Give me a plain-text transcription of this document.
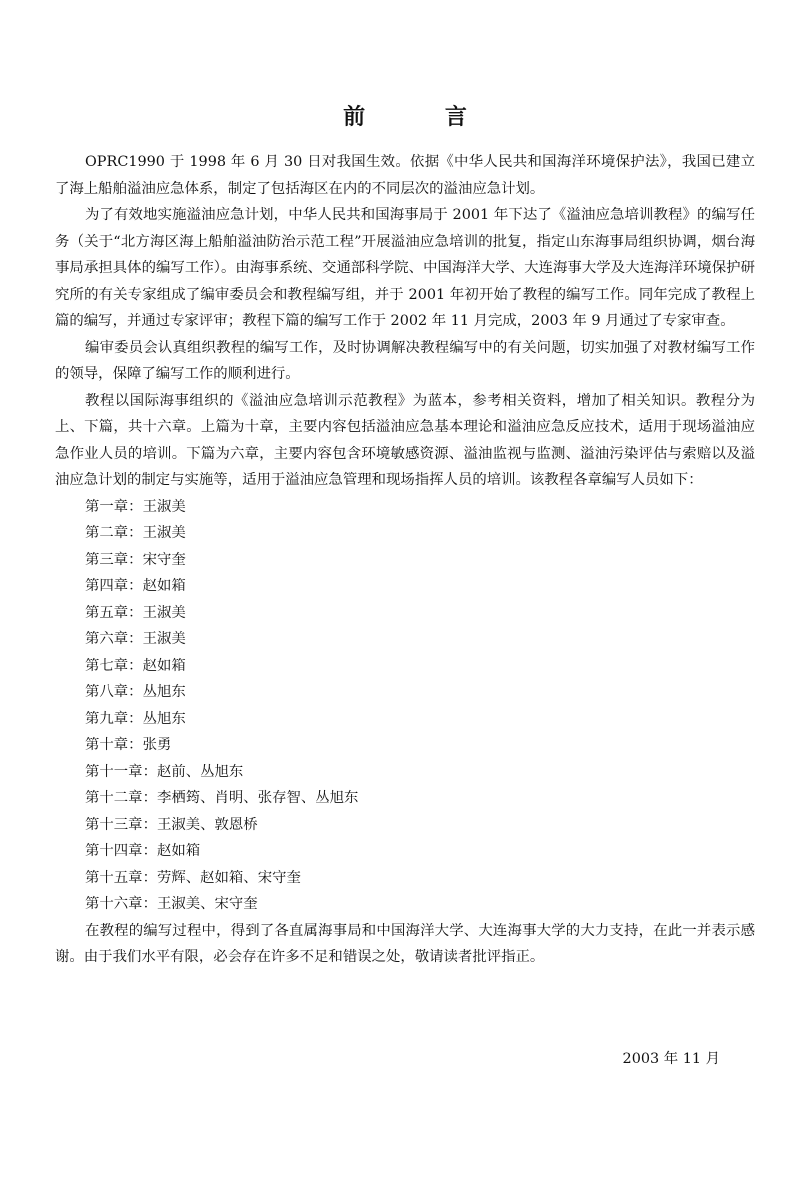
前 言

OPRC1990 于 1998 年 6 月 30 日对我国生效。依据《中华人民共和国海洋环境保护法》，我国已建立了海上船舶溢油应急体系，制定了包括海区在内的不同层次的溢油应急计划。

为了有效地实施溢油应急计划，中华人民共和国海事局于 2001 年下达了《溢油应急培训教程》的编写任务（关于“北方海区海上船舶溢油防治示范工程”开展溢油应急培训的批复，指定山东海事局组织协调，烟台海事局承担具体的编写工作）。由海事系统、交通部科学院、中国海洋大学、大连海事大学及大连海洋环境保护研究所的有关专家组成了编审委员会和教程编写组，并于 2001 年初开始了教程的编写工作。同年完成了教程上篇的编写，并通过专家评审；教程下篇的编写工作于 2002 年 11 月完成，2003 年 9 月通过了专家审查。

编审委员会认真组织教程的编写工作，及时协调解决教程编写中的有关问题，切实加强了对教材编写工作的领导，保障了编写工作的顺利进行。

教程以国际海事组织的《溢油应急培训示范教程》为蓝本，参考相关资料，增加了相关知识。教程分为上、下篇，共十六章。上篇为十章，主要内容包括溢油应急基本理论和溢油应急反应技术，适用于现场溢油应急作业人员的培训。下篇为六章，主要内容包含环境敏感资源、溢油监视与监测、溢油污染评估与索赔以及溢油应急计划的制定与实施等，适用于溢油应急管理和现场指挥人员的培训。该教程各章编写人员如下：

第一章：王淑美
第二章：王淑美
第三章：宋守奎
第四章：赵如箱
第五章：王淑美
第六章：王淑美
第七章：赵如箱
第八章：丛旭东
第九章：丛旭东
第十章：张勇
第十一章：赵前、丛旭东
第十二章：李栖筠、肖明、张存智、丛旭东
第十三章：王淑美、敦恩桥
第十四章：赵如箱
第十五章：劳辉、赵如箱、宋守奎
第十六章：王淑美、宋守奎

在教程的编写过程中，得到了各直属海事局和中国海洋大学、大连海事大学的大力支持，在此一并表示感谢。由于我们水平有限，必会存在许多不足和错误之处，敬请读者批评指正。

2003 年 11 月
